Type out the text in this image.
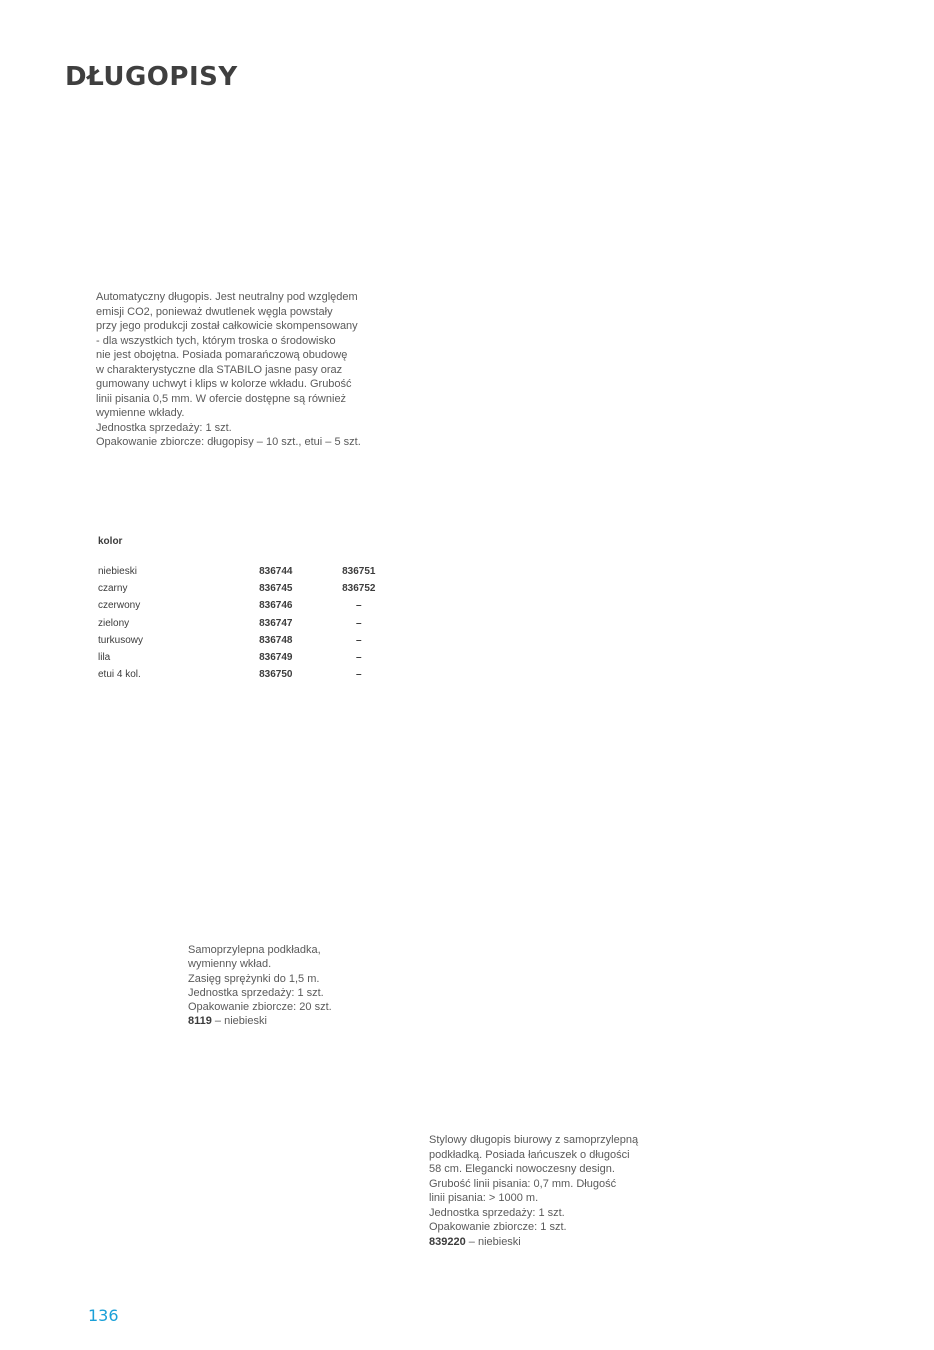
DŁUGOPISY

Automatyczny długopis. Jest neutralny pod względem

emisji CO2, ponieważ dwutlenek węgla powstały

przy jego produkcji został całkowicie skompensowany

- dla wszystkich tych, którym troska o środowisko

nie jest obojętna. Posiada pomarańczową obudowę

w charakterystyczne dla STABILO jasne pasy oraz

gumowany uchwyt i klips w kolorze wkładu. Grubość

linii pisania 0,5 mm. W ofercie dostępne są również

wymienne wkłady.

Jednostka sprzedaży: 1 szt.

Opakowanie zbiorcze: długopisy – 10 szt., etui – 5 szt.

kolor		
niebieski	836744	836751
czarny	836745	836752
czerwony	836746	–
zielony	836747	–
turkusowy	836748	–
lila	836749	–
etui 4 kol.	836750	–

Samoprzylepna podkładka,

wymienny wkład.

Zasięg sprężynki do 1,5 m.

Jednostka sprzedaży: 1 szt.

Opakowanie zbiorcze: 20 szt.

8119 – niebieski

Stylowy długopis biurowy z samoprzylepną

podkładką. Posiada łańcuszek o długości

58 cm. Elegancki nowoczesny design.

Grubość linii pisania: 0,7 mm. Długość

linii pisania: > 1000 m.

Jednostka sprzedaży: 1 szt.

Opakowanie zbiorcze: 1 szt.

839220 – niebieski

136
